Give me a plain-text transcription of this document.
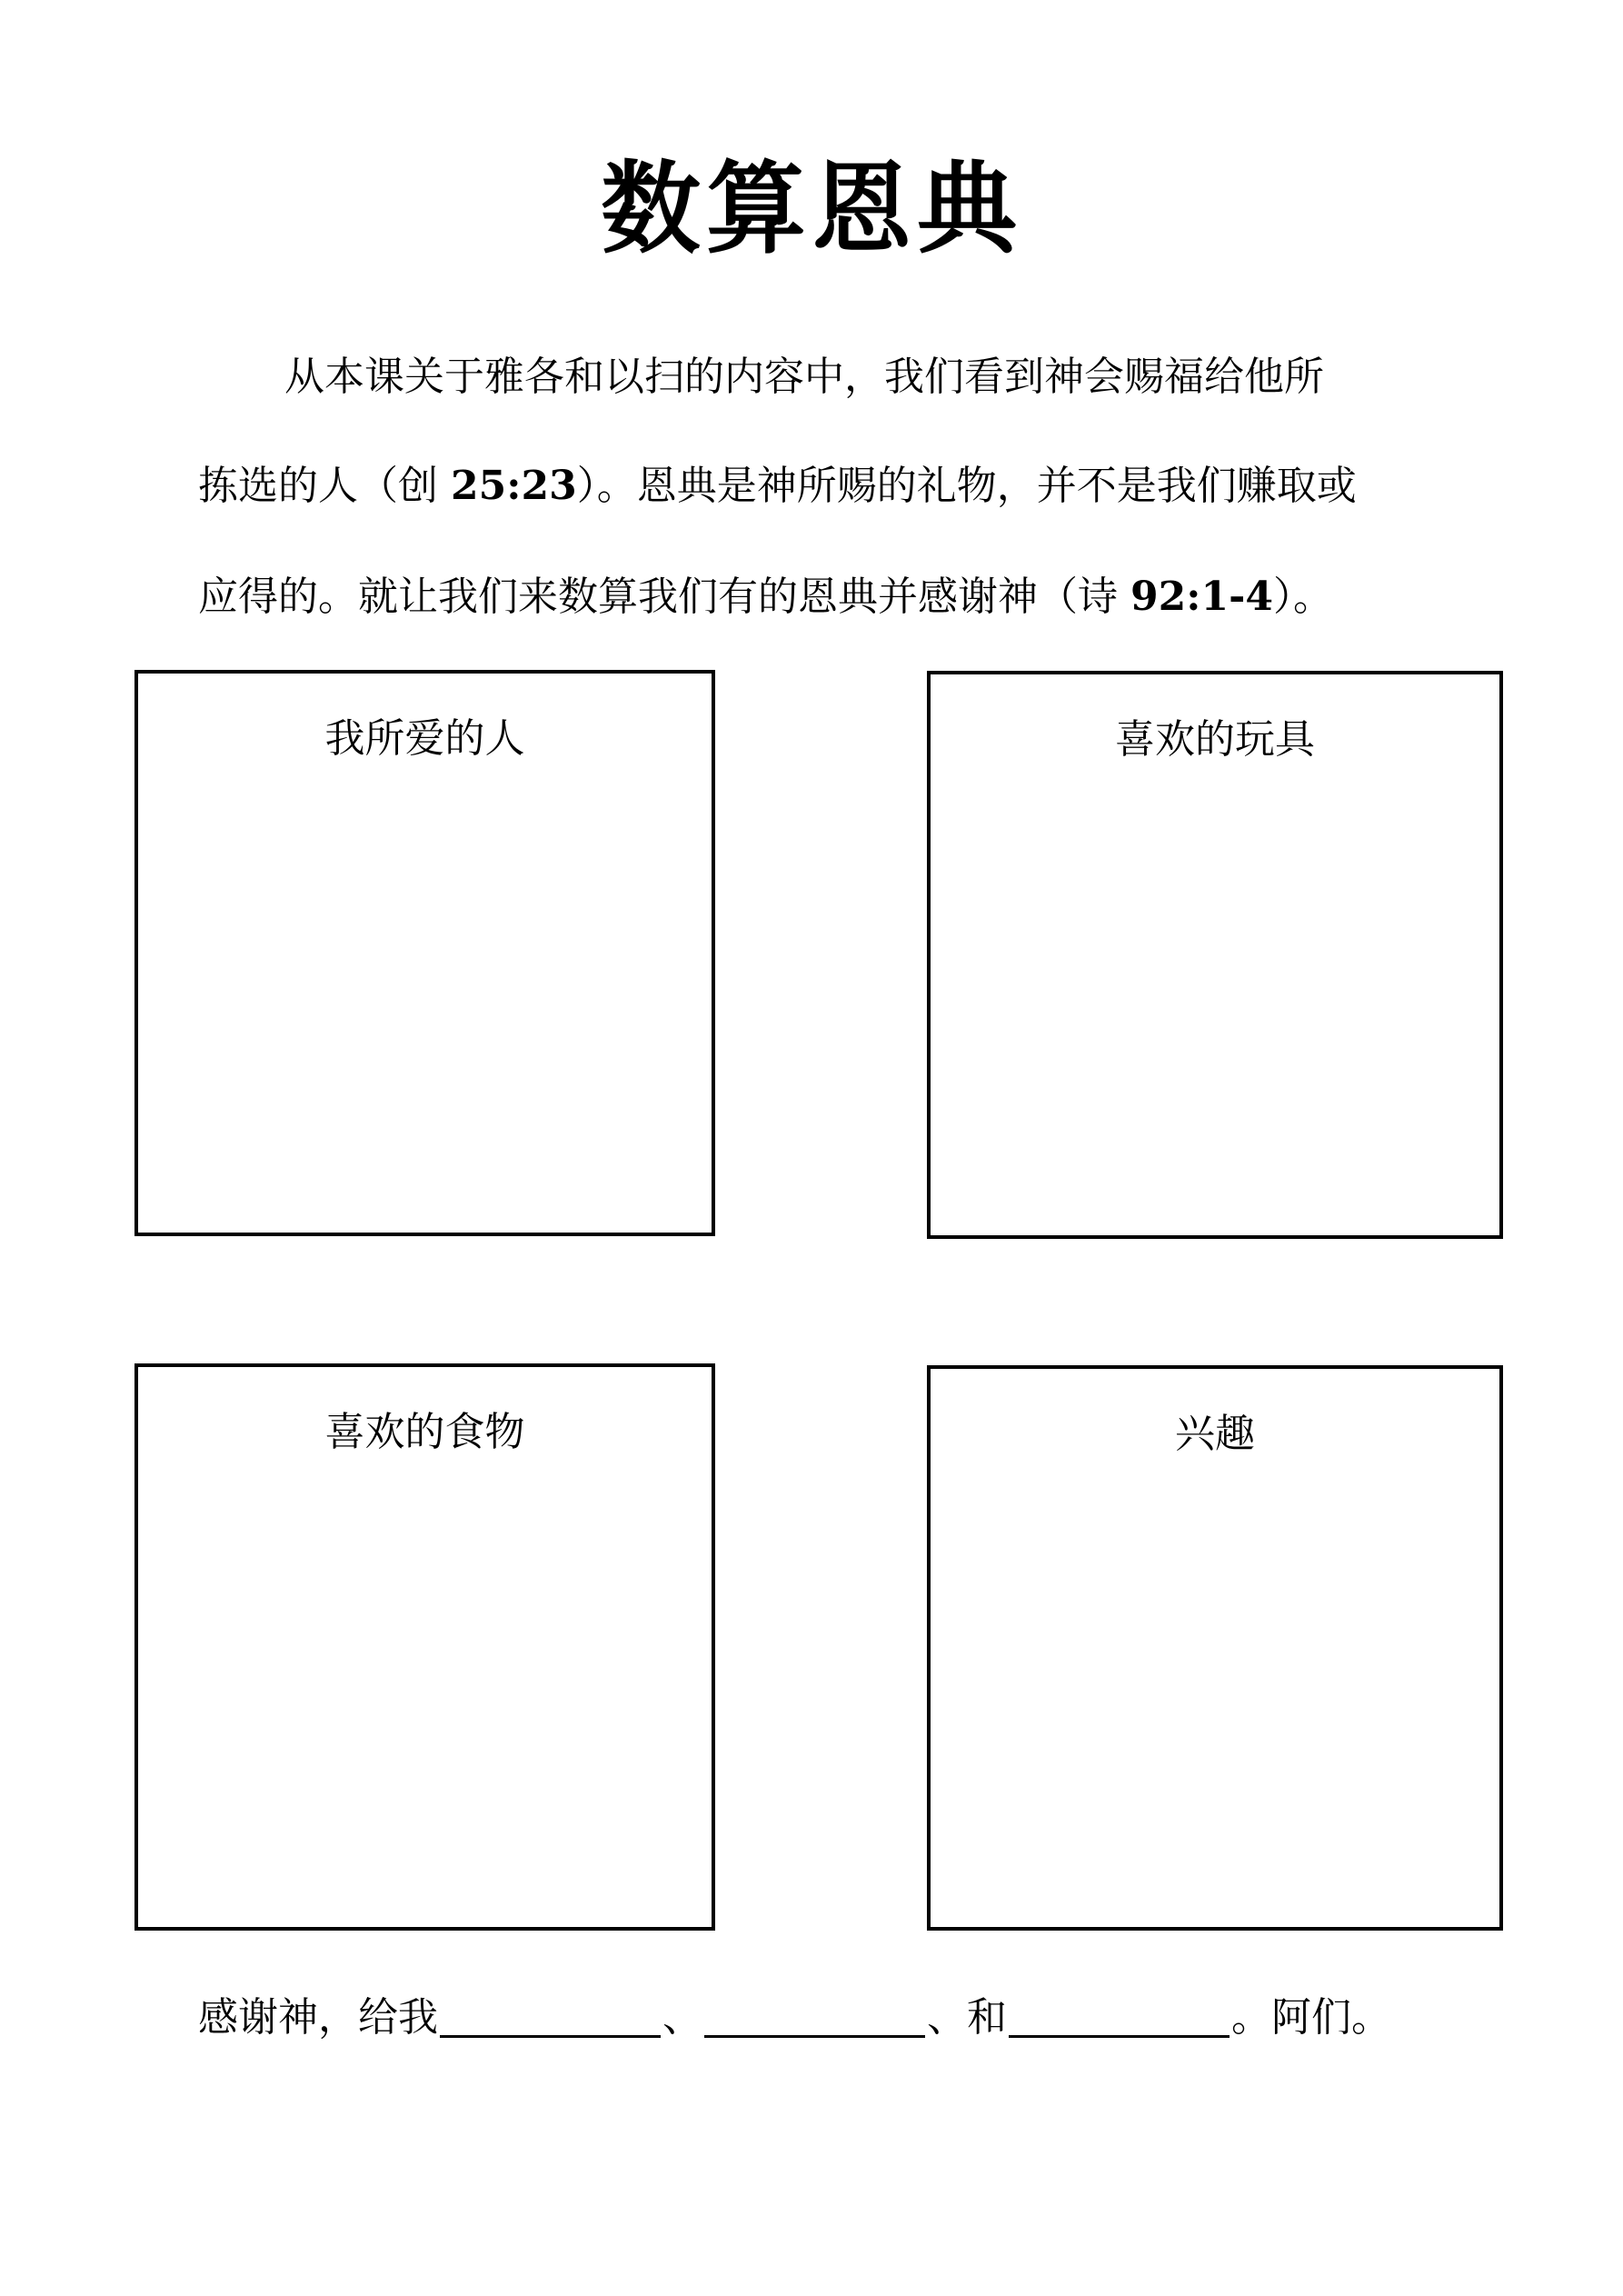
数算恩典
从本课关于雅各和以扫的内容中，我们看到神会赐福给他所
拣选的人（创 25:23）。恩典是神所赐的礼物，并不是我们赚取或
应得的。就让我们来数算我们有的恩典并感谢神（诗 92:1-4）。
我所爱的人	喜欢的玩具
喜欢的食物	兴趣
感谢神，给我	、	、和	。阿们。
